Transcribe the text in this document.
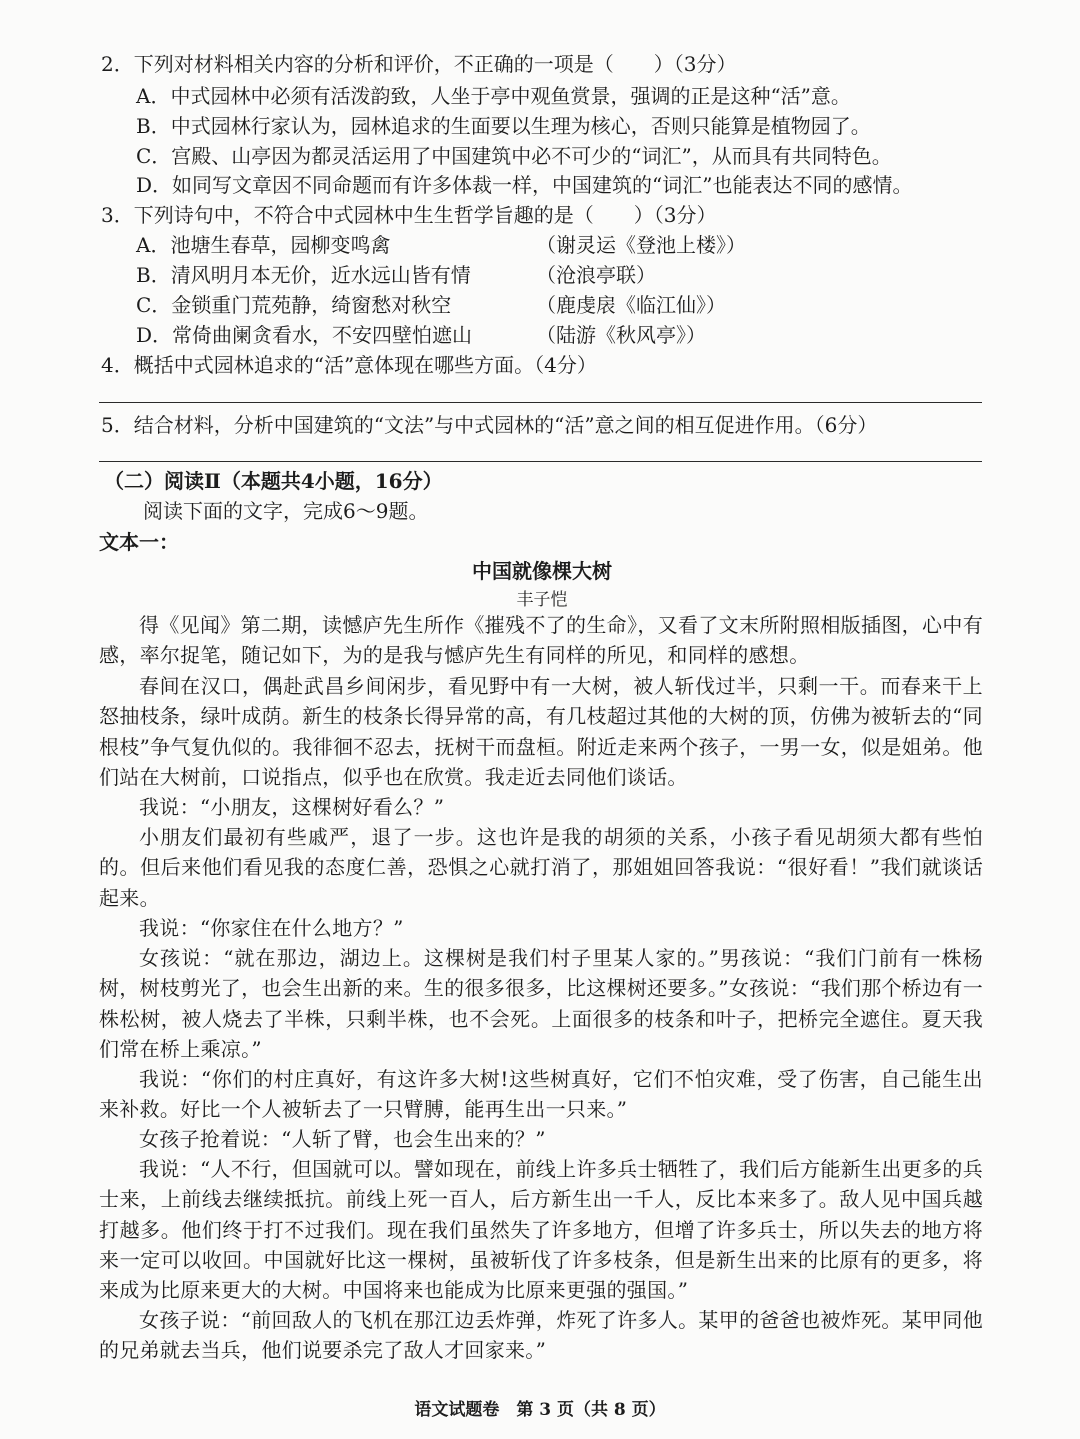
2．下列对材料相关内容的分析和评价，不正确的一项是（　　）（3分）
A．中式园林中必须有活泼韵致，人坐于亭中观鱼赏景，强调的正是这种“活”意。
B．中式园林行家认为，园林追求的生面要以生理为核心，否则只能算是植物园了。
C．宫殿、山亭因为都灵活运用了中国建筑中必不可少的“词汇”，从而具有共同特色。
D．如同写文章因不同命题而有许多体裁一样，中国建筑的“词汇”也能表达不同的感情。
3．下列诗句中，不符合中式园林中生生哲学旨趣的是（　　）（3分）
A．池塘生春草，园柳变鸣禽	（谢灵运《登池上楼》）
B．清风明月本无价，近水远山皆有情	（沧浪亭联）
C．金锁重门荒苑静，绮窗愁对秋空	（鹿虔扆《临江仙》）
D．常倚曲阑贪看水，不安四壁怕遮山	（陆游《秋风亭》）
4．概括中式园林追求的“活”意体现在哪些方面。（4分）
5．结合材料，分析中国建筑的“文法”与中式园林的“活”意之间的相互促进作用。（6分）
（二）阅读Ⅱ（本题共4小题，16分）
阅读下面的文字，完成6～9题。
文本一：
中国就像棵大树
丰子恺
得《见闻》第二期，读憾庐先生所作《摧残不了的生命》，又看了文末所附照相版插图，心中有感，率尔捉笔，随记如下，为的是我与憾庐先生有同样的所见，和同样的感想。
春间在汉口，偶赴武昌乡间闲步，看见野中有一大树，被人斩伐过半，只剩一干。而春来干上怒抽枝条，绿叶成荫。新生的枝条长得异常的高，有几枝超过其他的大树的顶，仿佛为被斩去的“同根枝”争气复仇似的。我徘徊不忍去，抚树干而盘桓。附近走来两个孩子，一男一女，似是姐弟。他们站在大树前，口说指点，似乎也在欣赏。我走近去同他们谈话。
我说：“小朋友，这棵树好看么？”
小朋友们最初有些戚严，退了一步。这也许是我的胡须的关系，小孩子看见胡须大都有些怕的。但后来他们看见我的态度仁善，恐惧之心就打消了，那姐姐回答我说：“很好看！”我们就谈话起来。
我说：“你家住在什么地方？”
女孩说：“就在那边，湖边上。这棵树是我们村子里某人家的。”男孩说：“我们门前有一株杨树，树枝剪光了，也会生出新的来。生的很多很多，比这棵树还要多。”女孩说：“我们那个桥边有一株松树，被人烧去了半株，只剩半株，也不会死。上面很多的枝条和叶子，把桥完全遮住。夏天我们常在桥上乘凉。”
我说：“你们的村庄真好，有这许多大树!这些树真好，它们不怕灾难，受了伤害，自己能生出来补救。好比一个人被斩去了一只臂膊，能再生出一只来。”
女孩子抢着说：“人斩了臂，也会生出来的？”
我说：“人不行，但国就可以。譬如现在，前线上许多兵士牺牲了，我们后方能新生出更多的兵士来，上前线去继续抵抗。前线上死一百人，后方新生出一千人，反比本来多了。敌人见中国兵越打越多。他们终于打不过我们。现在我们虽然失了许多地方，但增了许多兵士，所以失去的地方将来一定可以收回。中国就好比这一棵树，虽被斩伐了许多枝条，但是新生出来的比原有的更多，将来成为比原来更大的大树。中国将来也能成为比原来更强的强国。”
女孩子说：“前回敌人的飞机在那江边丢炸弹，炸死了许多人。某甲的爸爸也被炸死。某甲同他的兄弟就去当兵，他们说要杀完了敌人才回家来。”
语文试题卷　第 3 页（共 8 页）
